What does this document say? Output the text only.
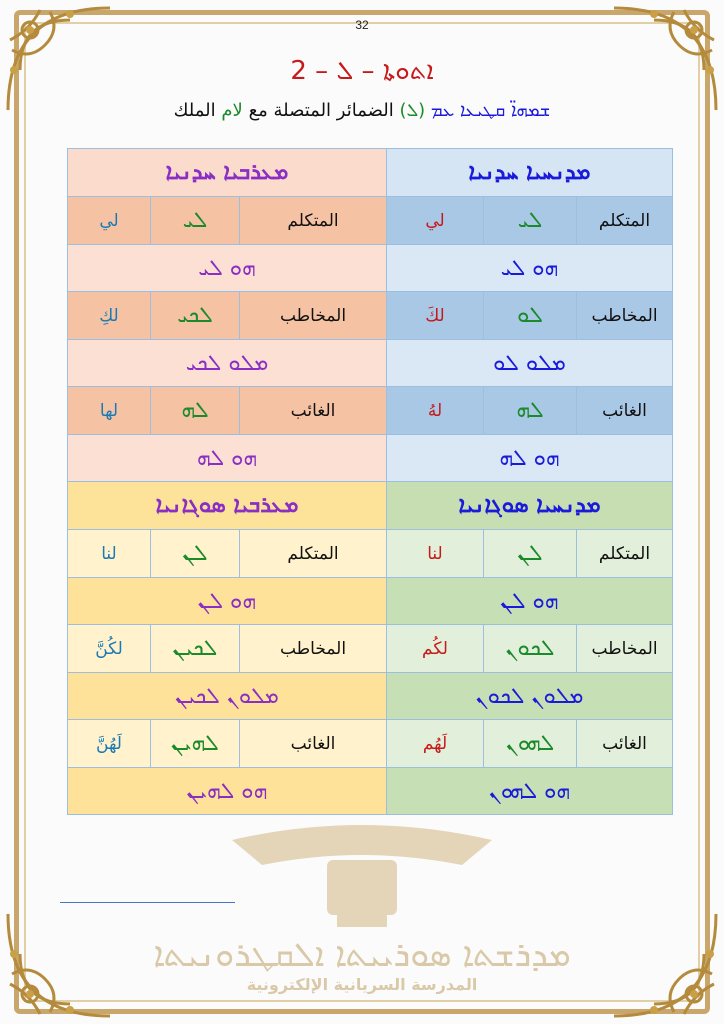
32
ܐܬܘܬܐ – ܠ – 2
ܫܡܗܐ̈ ܩܛܝܥܐ ܥܡ (ܠ) الضمائر المتصلة مع لام الملك
ܡܕܪܫܬܐ ܣܘܪܝܝܬܐ ܐܠܩܛܪܘܢܝܬܐ
المدرسة السريانية الإلكترونية
ܡܕܢܚܝܐ ܚܕܢܝܐ		
لي	ܠܝ	المتكلم
ܗܘ ܠܝ		
لكَ	ܠܘ	المخاطب
ܡܠܘ ܠܘ		
لهُ	ܠܗ	الغائب
ܗܘ ܠܗ		
ܡܕܢܚܝܐ ܣܘܓܐܢܝܐ		
لنا	ܠܢ	المتكلم
ܗܘ ܠܢ		
لكُم	ܠܟܘܢ	المخاطب
ܡܠܘܢ ܠܟܘܢ		
لَهُم	ܠܗܘܢ	الغائب
ܗܘ ܠܗܘܢ		
ܡܥܪܒܝܐ ܚܕܢܝܐ		
لي	ܠܝ	المتكلم
ܗܘ ܠܝ		
لكِ	ܠܟܝ	المخاطب
ܡܠܘ ܠܟܝ		
لها	ܠܗ	الغائب
ܗܘ ܠܗ		
ܡܥܪܒܝܐ ܣܘܓܐܢܝܐ		
لنا	ܠܢ	المتكلم
ܗܘ ܠܢ		
لكُنَّ	ܠܟܝܢ	المخاطب
ܡܠܘܢ ܠܟܝܢ		
لَهُنَّ	ܠܗܝܢ	الغائب
ܗܘ ܠܗܝܢ		
